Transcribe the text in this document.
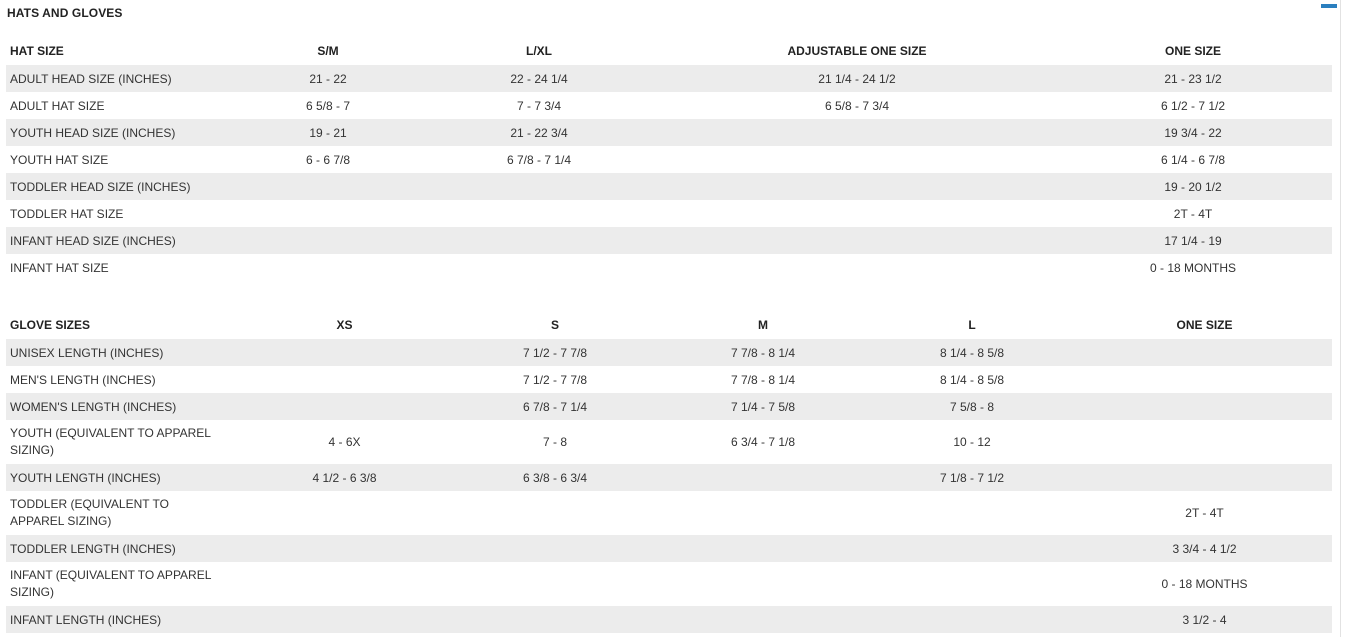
HATS AND GLOVES
HAT SIZE	S/M	L/XL	ADJUSTABLE ONE SIZE	ONE SIZE
ADULT HEAD SIZE (INCHES)	21 - 22	22 - 24 1/4	21 1/4 - 24 1/2	21 - 23 1/2
ADULT HAT SIZE	6 5/8 - 7	7 - 7 3/4	6 5/8 - 7 3/4	6 1/2 - 7 1/2
YOUTH HEAD SIZE (INCHES)	19 - 21	21 - 22 3/4		19 3/4 - 22
YOUTH HAT SIZE	6 - 6 7/8	6 7/8 - 7 1/4		6 1/4 - 6 7/8
TODDLER HEAD SIZE (INCHES)				19 - 20 1/2
TODDLER HAT SIZE				2T - 4T
INFANT HEAD SIZE (INCHES)				17 1/4 - 19
INFANT HAT SIZE				0 - 18 MONTHS
GLOVE SIZES	XS	S	M	L	ONE SIZE
UNISEX LENGTH (INCHES)		7 1/2 - 7 7/8	7 7/8 - 8 1/4	8 1/4 - 8 5/8	
MEN'S LENGTH (INCHES)		7 1/2 - 7 7/8	7 7/8 - 8 1/4	8 1/4 - 8 5/8	
WOMEN'S LENGTH (INCHES)		6 7/8 - 7 1/4	7 1/4 - 7 5/8	7 5/8 - 8	
YOUTH (EQUIVALENT TO APPAREL SIZING)	4 - 6X	7 - 8	6 3/4 - 7 1/8	10 - 12	
YOUTH LENGTH (INCHES)	4 1/2 - 6 3/8	6 3/8 - 6 3/4		7 1/8 - 7 1/2	
TODDLER (EQUIVALENT TO APPAREL SIZING)					2T - 4T
TODDLER LENGTH (INCHES)					3 3/4 - 4 1/2
INFANT (EQUIVALENT TO APPAREL SIZING)					0 - 18 MONTHS
INFANT LENGTH (INCHES)					3 1/2 - 4
